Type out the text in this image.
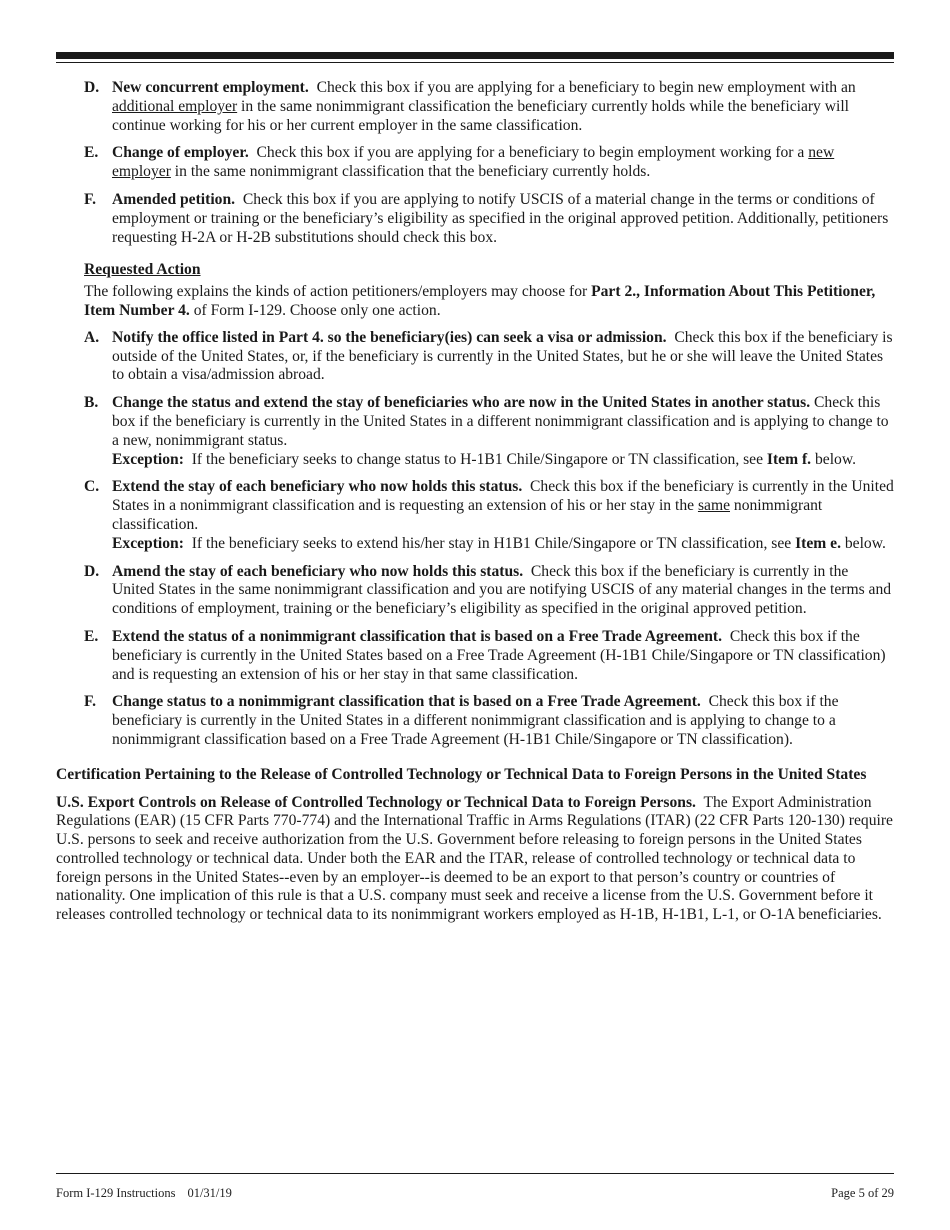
D. New concurrent employment. Check this box if you are applying for a beneficiary to begin new employment with an additional employer in the same nonimmigrant classification the beneficiary currently holds while the beneficiary will continue working for his or her current employer in the same classification.

E. Change of employer. Check this box if you are applying for a beneficiary to begin employment working for a new employer in the same nonimmigrant classification that the beneficiary currently holds.

F.	Amended petition. Check this box if you are applying to notify USCIS of a material change in the terms or conditions of employment or training or the beneficiary’s eligibility as specified in the original approved petition. Additionally, petitioners requesting H-2A or H-2B substitutions should check this box.

Requested Action

The following explains the kinds of action petitioners/employers may choose for Part 2., Information About This Petitioner, Item Number 4. of Form I-129. Choose only one action.

A. Notify the office listed in Part 4. so the beneficiary(ies) can seek a visa or admission. Check this box if the beneficiary is outside of the United States, or, if the beneficiary is currently in the United States, but he or she will leave the United States to obtain a visa/admission abroad.

B. Change the status and extend the stay of beneficiaries who are now in the United States in another status. Check this box if the beneficiary is currently in the United States in a different nonimmigrant classification and is applying to change to a new, nonimmigrant status.

Exception: If the beneficiary seeks to change status to H-1B1 Chile/Singapore or TN classification, see Item f. below.

C. Extend the stay of each beneficiary who now holds this status. Check this box if the beneficiary is currently in the United States in a nonimmigrant classification and is requesting an extension of his or her stay in the same nonimmigrant classification.

Exception: If the beneficiary seeks to extend his/her stay in H1B1 Chile/Singapore or TN classification, see Item e. below.

D. Amend the stay of each beneficiary who now holds this status. Check this box if the beneficiary is currently in the United States in the same nonimmigrant classification and you are notifying USCIS of any material changes in the terms and conditions of employment, training or the beneficiary’s eligibility as specified in the original approved petition.

E. Extend the status of a nonimmigrant classification that is based on a Free Trade Agreement. Check this box if the beneficiary is currently in the United States based on a Free Trade Agreement (H-1B1 Chile/Singapore or TN classification) and is requesting an extension of his or her stay in that same classification.

F.	Change status to a nonimmigrant classification that is based on a Free Trade Agreement. Check this box if the beneficiary is currently in the United States in a different nonimmigrant classification and is applying to change to a nonimmigrant classification based on a Free Trade Agreement (H-1B1 Chile/Singapore or TN classification).

Certification Pertaining to the Release of Controlled Technology or Technical Data to Foreign Persons in the United States

U.S. Export Controls on Release of Controlled Technology or Technical Data to Foreign Persons. The Export Administration Regulations (EAR) (15 CFR Parts 770-774) and the International Traffic in Arms Regulations (ITAR) (22 CFR Parts 120-130) require U.S. persons to seek and receive authorization from the U.S. Government before releasing to foreign persons in the United States controlled technology or technical data. Under both the EAR and the ITAR, release of controlled technology or technical data to foreign persons in the United States--even by an employer--is deemed to be an export to that person’s country or countries of nationality. One implication of this rule is that a U.S. company must seek and receive a license from the U.S. Government before it releases controlled technology or technical data to its nonimmigrant workers employed as H-1B, H-1B1, L-1, or O-1A beneficiaries.

Form I-129 Instructions 01/31/19	Page 5 of 29
